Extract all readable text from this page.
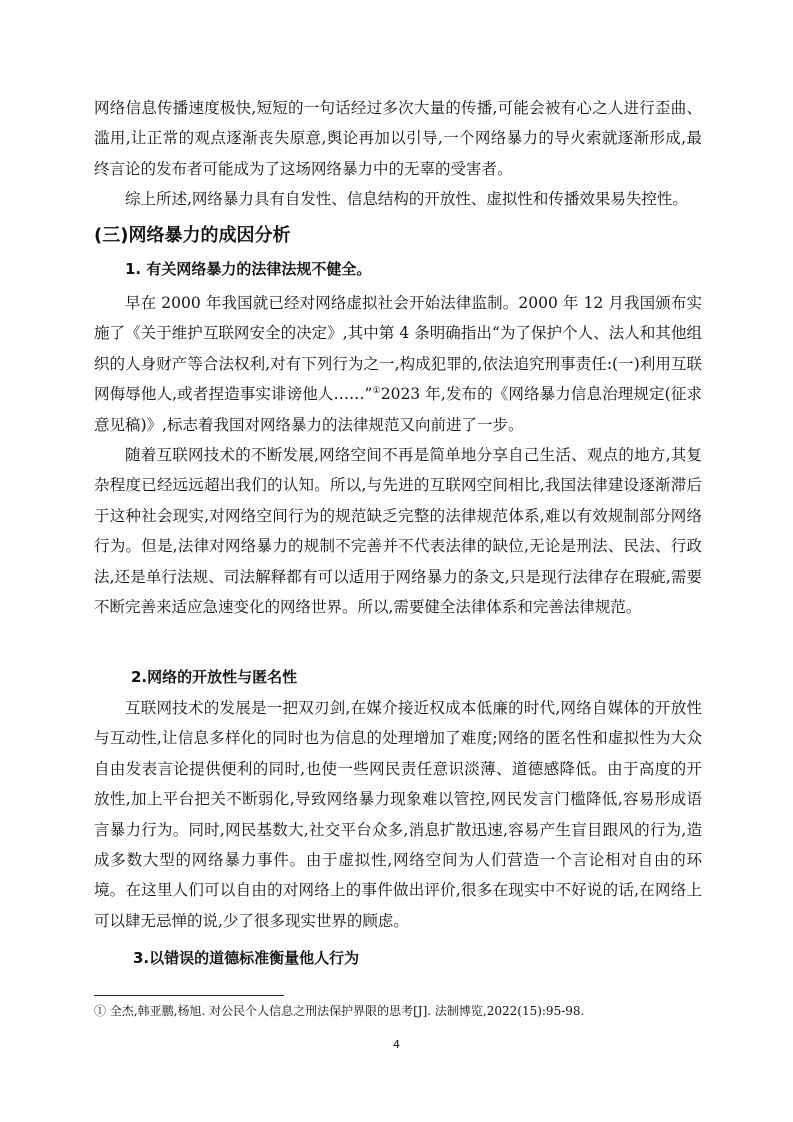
网络信息传播速度极快,短短的一句话经过多次大量的传播,可能会被有心之人进行歪曲、滥用,让正常的观点逐渐丧失原意,舆论再加以引导,一个网络暴力的导火索就逐渐形成,最终言论的发布者可能成为了这场网络暴力中的无辜的受害者。

综上所述,网络暴力具有自发性、信息结构的开放性、虚拟性和传播效果易失控性。

(三)网络暴力的成因分析
1. 有关网络暴力的法律法规不健全。

早在 2000 年我国就已经对网络虚拟社会开始法律监制。2000 年 12 月我国颁布实施了《关于维护互联网安全的决定》,其中第 4 条明确指出“为了保护个人、法人和其他组织的人身财产等合法权利,对有下列行为之一,构成犯罪的,依法追究刑事责任:(一)利用互联网侮辱他人,或者捏造事实诽谤他人……”①2023 年,发布的《网络暴力信息治理规定(征求意见稿)》,标志着我国对网络暴力的法律规范又向前进了一步。

随着互联网技术的不断发展,网络空间不再是简单地分享自己生活、观点的地方,其复杂程度已经远远超出我们的认知。所以,与先进的互联网空间相比,我国法律建设逐渐滞后于这种社会现实,对网络空间行为的规范缺乏完整的法律规范体系,难以有效规制部分网络行为。但是,法律对网络暴力的规制不完善并不代表法律的缺位,无论是刑法、民法、行政法,还是单行法规、司法解释都有可以适用于网络暴力的条文,只是现行法律存在瑕疵,需要不断完善来适应急速变化的网络世界。所以,需要健全法律体系和完善法律规范。

2.网络的开放性与匿名性

互联网技术的发展是一把双刃剑,在媒介接近权成本低廉的时代,网络自媒体的开放性与互动性,让信息多样化的同时也为信息的处理增加了难度;网络的匿名性和虚拟性为大众自由发表言论提供便利的同时,也使一些网民责任意识淡薄、道德感降低。由于高度的开放性,加上平台把关不断弱化,导致网络暴力现象难以管控,网民发言门槛降低,容易形成语言暴力行为。同时,网民基数大,社交平台众多,消息扩散迅速,容易产生盲目跟风的行为,造成多数大型的网络暴力事件。由于虚拟性,网络空间为人们营造一个言论相对自由的环境。在这里人们可以自由的对网络上的事件做出评价,很多在现实中不好说的话,在网络上可以肆无忌惮的说,少了很多现实世界的顾虑。

3.以错误的道德标准衡量他人行为

① 全杰,韩亚鹏,杨旭. 对公民个人信息之刑法保护界限的思考[J]. 法制博览,2022(15):95-98.

4
